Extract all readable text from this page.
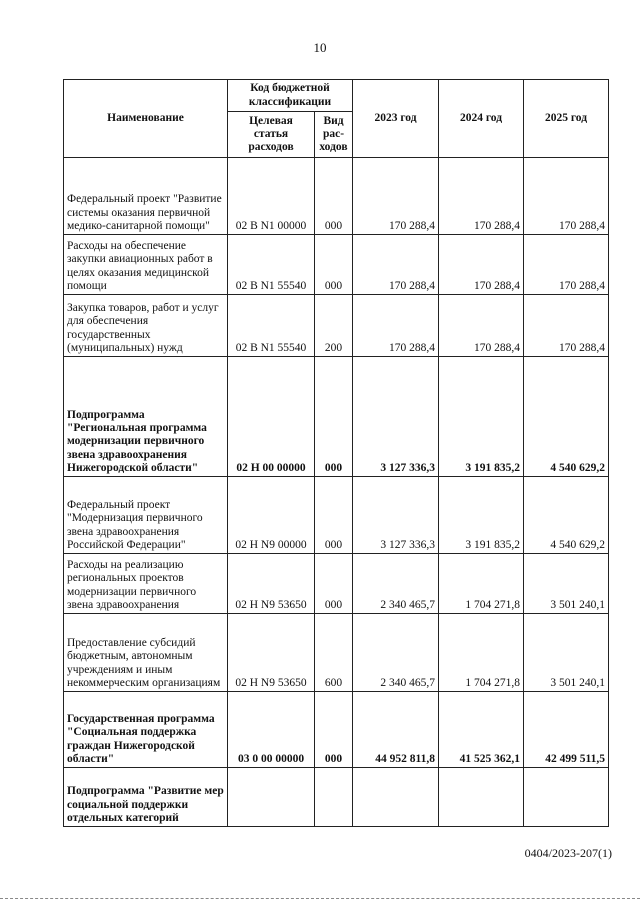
10
Наименование	Код бюджетной классификации		2023 год	2024 год	2025 год
	Целевая статья расходов	Вид рас-ходов			
Федеральный проект "Развитие системы оказания первичной медико-санитарной помощи"	02 В N1 00000	000	170 288,4	170 288,4	170 288,4
Расходы на обеспечение закупки авиационных работ в целях оказания медицинской помощи	02 В N1 55540	000	170 288,4	170 288,4	170 288,4
Закупка товаров, работ и услуг для обеспечения государственных (муниципальных) нужд	02 В N1 55540	200	170 288,4	170 288,4	170 288,4
Подпрограмма "Региональная программа модернизации первичного звена здравоохранения Нижегородской области"	02 Н 00 00000	000	3 127 336,3	3 191 835,2	4 540 629,2
Федеральный проект "Модернизация первичного звена здравоохранения Российской Федерации"	02 Н N9 00000	000	3 127 336,3	3 191 835,2	4 540 629,2
Расходы на реализацию региональных проектов модернизации первичного звена здравоохранения	02 Н N9 53650	000	2 340 465,7	1 704 271,8	3 501 240,1
Предоставление субсидий бюджетным, автономным учреждениям и иным некоммерческим организациям	02 Н N9 53650	600	2 340 465,7	1 704 271,8	3 501 240,1
Государственная программа "Социальная поддержка граждан Нижегородской области"	03 0 00 00000	000	44 952 811,8	41 525 362,1	42 499 511,5
Подпрограмма "Развитие мер социальной поддержки отдельных категорий					
0404/2023-207(1)
